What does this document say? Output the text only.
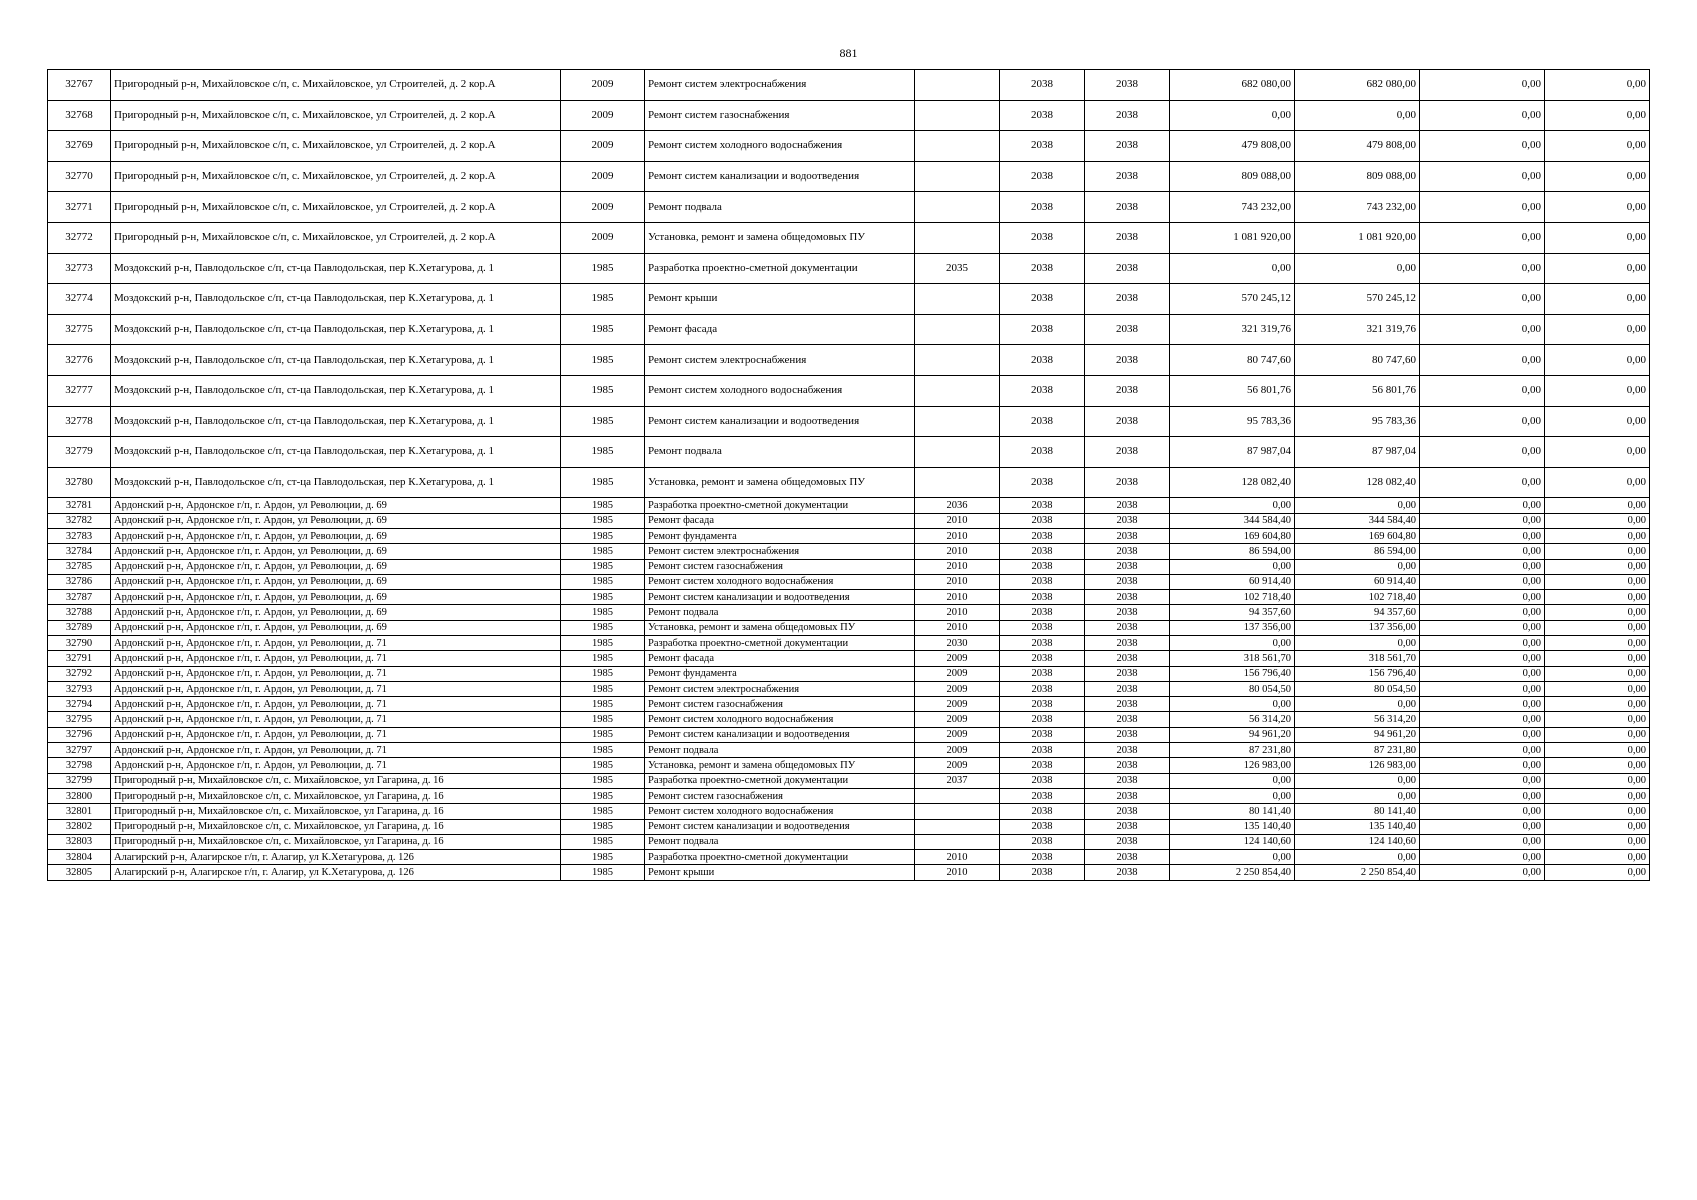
881
32767	Пригородный р-н, Михайловское с/п, с. Михайловское, ул Строителей, д. 2 кор.А	2009	Ремонт систем электроснабжения		2038	2038	682 080,00	682 080,00	0,00	0,00
32768	Пригородный р-н, Михайловское с/п, с. Михайловское, ул Строителей, д. 2 кор.А	2009	Ремонт систем газоснабжения		2038	2038	0,00	0,00	0,00	0,00
32769	Пригородный р-н, Михайловское с/п, с. Михайловское, ул Строителей, д. 2 кор.А	2009	Ремонт систем холодного водоснабжения		2038	2038	479 808,00	479 808,00	0,00	0,00
32770	Пригородный р-н, Михайловское с/п, с. Михайловское, ул Строителей, д. 2 кор.А	2009	Ремонт систем канализации и водоотведения		2038	2038	809 088,00	809 088,00	0,00	0,00
32771	Пригородный р-н, Михайловское с/п, с. Михайловское, ул Строителей, д. 2 кор.А	2009	Ремонт подвала		2038	2038	743 232,00	743 232,00	0,00	0,00
32772	Пригородный р-н, Михайловское с/п, с. Михайловское, ул Строителей, д. 2 кор.А	2009	Установка, ремонт и замена общедомовых ПУ		2038	2038	1 081 920,00	1 081 920,00	0,00	0,00
32773	Моздокский р-н, Павлодольское с/п, ст-ца Павлодольская, пер К.Хетагурова, д. 1	1985	Разработка проектно-сметной документации	2035	2038	2038	0,00	0,00	0,00	0,00
32774	Моздокский р-н, Павлодольское с/п, ст-ца Павлодольская, пер К.Хетагурова, д. 1	1985	Ремонт крыши		2038	2038	570 245,12	570 245,12	0,00	0,00
32775	Моздокский р-н, Павлодольское с/п, ст-ца Павлодольская, пер К.Хетагурова, д. 1	1985	Ремонт фасада		2038	2038	321 319,76	321 319,76	0,00	0,00
32776	Моздокский р-н, Павлодольское с/п, ст-ца Павлодольская, пер К.Хетагурова, д. 1	1985	Ремонт систем электроснабжения		2038	2038	80 747,60	80 747,60	0,00	0,00
32777	Моздокский р-н, Павлодольское с/п, ст-ца Павлодольская, пер К.Хетагурова, д. 1	1985	Ремонт систем холодного водоснабжения		2038	2038	56 801,76	56 801,76	0,00	0,00
32778	Моздокский р-н, Павлодольское с/п, ст-ца Павлодольская, пер К.Хетагурова, д. 1	1985	Ремонт систем канализации и водоотведения		2038	2038	95 783,36	95 783,36	0,00	0,00
32779	Моздокский р-н, Павлодольское с/п, ст-ца Павлодольская, пер К.Хетагурова, д. 1	1985	Ремонт подвала		2038	2038	87 987,04	87 987,04	0,00	0,00
32780	Моздокский р-н, Павлодольское с/п, ст-ца Павлодольская, пер К.Хетагурова, д. 1	1985	Установка, ремонт и замена общедомовых ПУ		2038	2038	128 082,40	128 082,40	0,00	0,00
32781	Ардонский р-н, Ардонское г/п, г. Ардон, ул Революции, д. 69	1985	Разработка проектно-сметной документации	2036	2038	2038	0,00	0,00	0,00	0,00
32782	Ардонский р-н, Ардонское г/п, г. Ардон, ул Революции, д. 69	1985	Ремонт фасада	2010	2038	2038	344 584,40	344 584,40	0,00	0,00
32783	Ардонский р-н, Ардонское г/п, г. Ардон, ул Революции, д. 69	1985	Ремонт фундамента	2010	2038	2038	169 604,80	169 604,80	0,00	0,00
32784	Ардонский р-н, Ардонское г/п, г. Ардон, ул Революции, д. 69	1985	Ремонт систем электроснабжения	2010	2038	2038	86 594,00	86 594,00	0,00	0,00
32785	Ардонский р-н, Ардонское г/п, г. Ардон, ул Революции, д. 69	1985	Ремонт систем газоснабжения	2010	2038	2038	0,00	0,00	0,00	0,00
32786	Ардонский р-н, Ардонское г/п, г. Ардон, ул Революции, д. 69	1985	Ремонт систем холодного водоснабжения	2010	2038	2038	60 914,40	60 914,40	0,00	0,00
32787	Ардонский р-н, Ардонское г/п, г. Ардон, ул Революции, д. 69	1985	Ремонт систем канализации и водоотведения	2010	2038	2038	102 718,40	102 718,40	0,00	0,00
32788	Ардонский р-н, Ардонское г/п, г. Ардон, ул Революции, д. 69	1985	Ремонт подвала	2010	2038	2038	94 357,60	94 357,60	0,00	0,00
32789	Ардонский р-н, Ардонское г/п, г. Ардон, ул Революции, д. 69	1985	Установка, ремонт и замена общедомовых ПУ	2010	2038	2038	137 356,00	137 356,00	0,00	0,00
32790	Ардонский р-н, Ардонское г/п, г. Ардон, ул Революции, д. 71	1985	Разработка проектно-сметной документации	2030	2038	2038	0,00	0,00	0,00	0,00
32791	Ардонский р-н, Ардонское г/п, г. Ардон, ул Революции, д. 71	1985	Ремонт фасада	2009	2038	2038	318 561,70	318 561,70	0,00	0,00
32792	Ардонский р-н, Ардонское г/п, г. Ардон, ул Революции, д. 71	1985	Ремонт фундамента	2009	2038	2038	156 796,40	156 796,40	0,00	0,00
32793	Ардонский р-н, Ардонское г/п, г. Ардон, ул Революции, д. 71	1985	Ремонт систем электроснабжения	2009	2038	2038	80 054,50	80 054,50	0,00	0,00
32794	Ардонский р-н, Ардонское г/п, г. Ардон, ул Революции, д. 71	1985	Ремонт систем газоснабжения	2009	2038	2038	0,00	0,00	0,00	0,00
32795	Ардонский р-н, Ардонское г/п, г. Ардон, ул Революции, д. 71	1985	Ремонт систем холодного водоснабжения	2009	2038	2038	56 314,20	56 314,20	0,00	0,00
32796	Ардонский р-н, Ардонское г/п, г. Ардон, ул Революции, д. 71	1985	Ремонт систем канализации и водоотведения	2009	2038	2038	94 961,20	94 961,20	0,00	0,00
32797	Ардонский р-н, Ардонское г/п, г. Ардон, ул Революции, д. 71	1985	Ремонт подвала	2009	2038	2038	87 231,80	87 231,80	0,00	0,00
32798	Ардонский р-н, Ардонское г/п, г. Ардон, ул Революции, д. 71	1985	Установка, ремонт и замена общедомовых ПУ	2009	2038	2038	126 983,00	126 983,00	0,00	0,00
32799	Пригородный р-н, Михайловское с/п, с. Михайловское, ул Гагарина, д. 16	1985	Разработка проектно-сметной документации	2037	2038	2038	0,00	0,00	0,00	0,00
32800	Пригородный р-н, Михайловское с/п, с. Михайловское, ул Гагарина, д. 16	1985	Ремонт систем газоснабжения		2038	2038	0,00	0,00	0,00	0,00
32801	Пригородный р-н, Михайловское с/п, с. Михайловское, ул Гагарина, д. 16	1985	Ремонт систем холодного водоснабжения		2038	2038	80 141,40	80 141,40	0,00	0,00
32802	Пригородный р-н, Михайловское с/п, с. Михайловское, ул Гагарина, д. 16	1985	Ремонт систем канализации и водоотведения		2038	2038	135 140,40	135 140,40	0,00	0,00
32803	Пригородный р-н, Михайловское с/п, с. Михайловское, ул Гагарина, д. 16	1985	Ремонт подвала		2038	2038	124 140,60	124 140,60	0,00	0,00
32804	Алагирский р-н, Алагирское г/п, г. Алагир, ул К.Хетагурова, д. 126	1985	Разработка проектно-сметной документации	2010	2038	2038	0,00	0,00	0,00	0,00
32805	Алагирский р-н, Алагирское г/п, г. Алагир, ул К.Хетагурова, д. 126	1985	Ремонт крыши	2010	2038	2038	2 250 854,40	2 250 854,40	0,00	0,00
